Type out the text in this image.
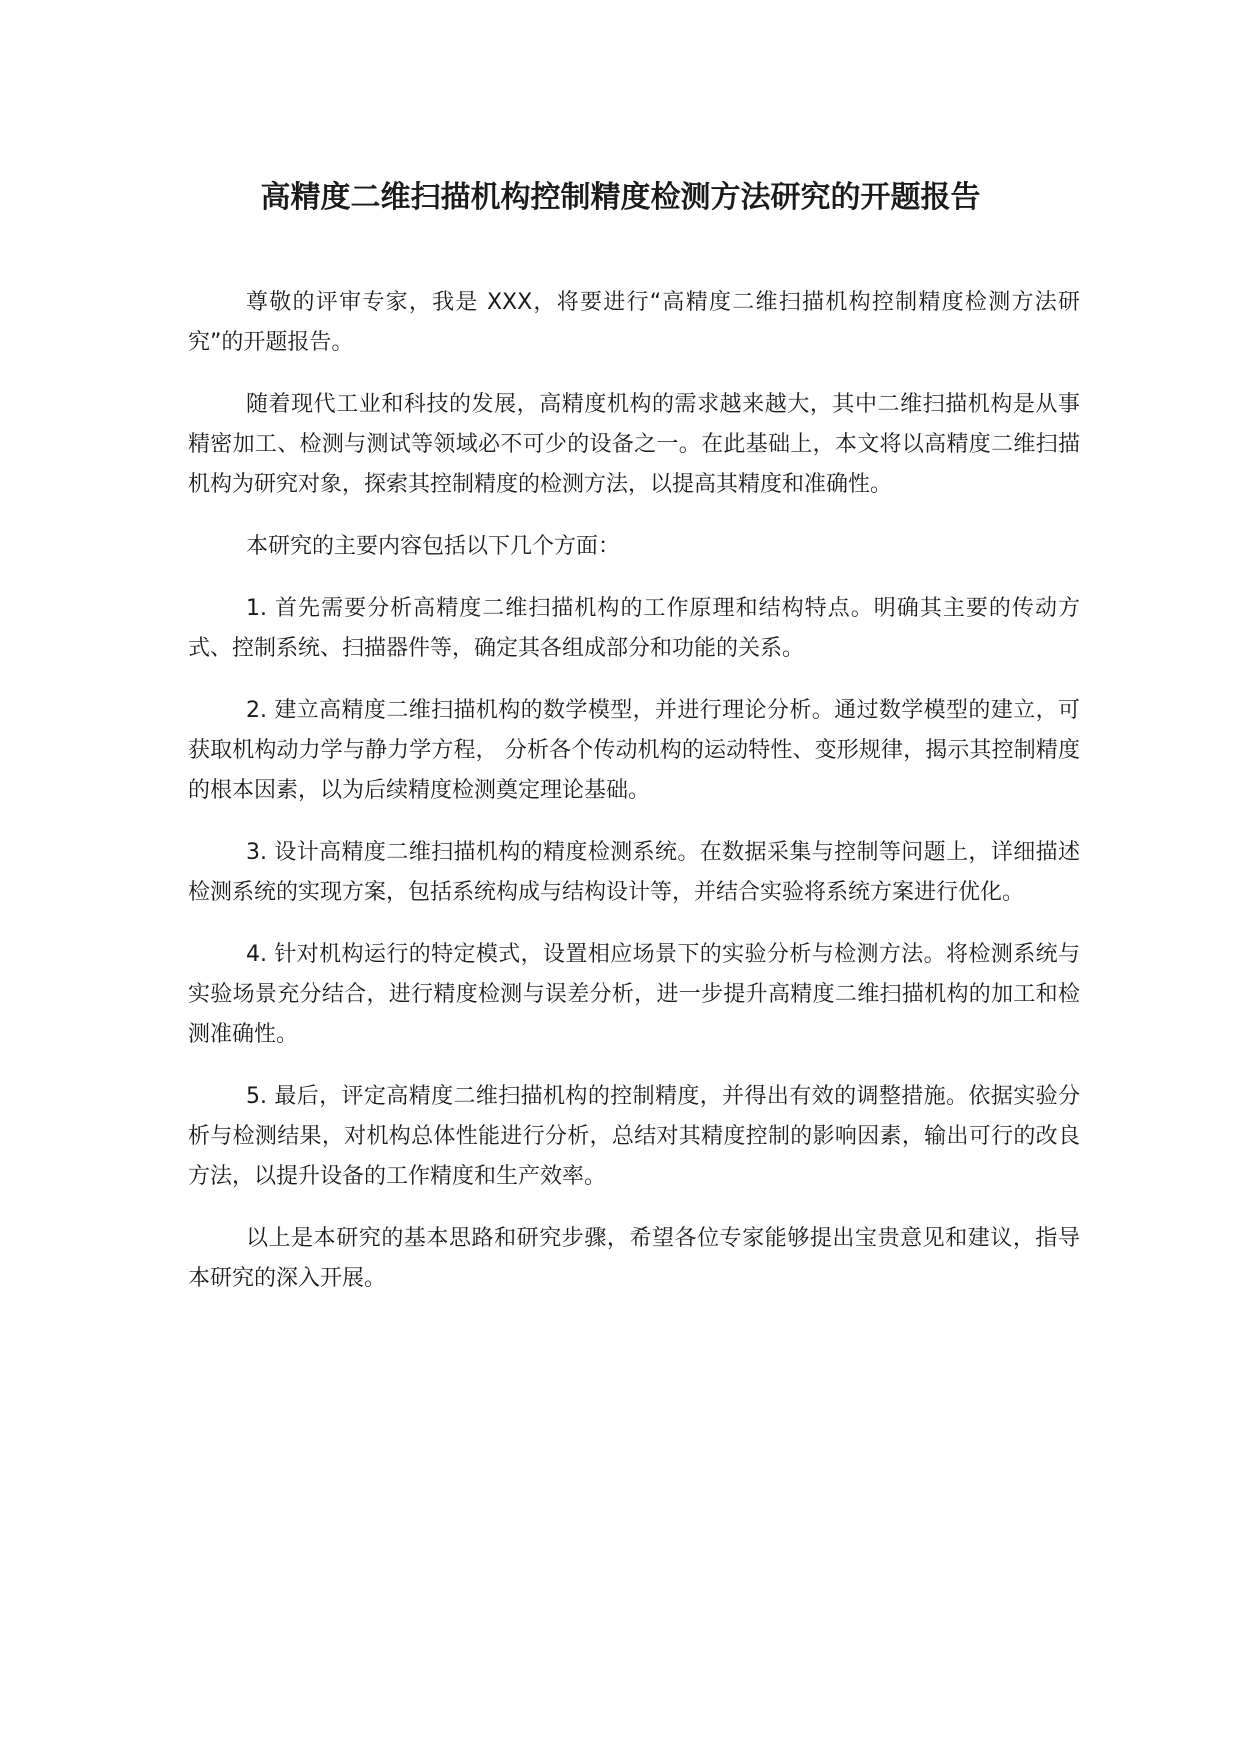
高精度二维扫描机构控制精度检测方法研究的开题报告

尊敬的评审专家，我是 XXX，将要进行“高精度二维扫描机构控制精度检测方法研究”的开题报告。

随着现代工业和科技的发展，高精度机构的需求越来越大，其中二维扫描机构是从事精密加工、检测与测试等领域必不可少的设备之一。在此基础上，本文将以高精度二维扫描机构为研究对象，探索其控制精度的检测方法，以提高其精度和准确性。

本研究的主要内容包括以下几个方面：

1. 首先需要分析高精度二维扫描机构的工作原理和结构特点。明确其主要的传动方式、控制系统、扫描器件等，确定其各组成部分和功能的关系。

2. 建立高精度二维扫描机构的数学模型，并进行理论分析。通过数学模型的建立，可获取机构动力学与静力学方程， 分析各个传动机构的运动特性、变形规律，揭示其控制精度的根本因素，以为后续精度检测奠定理论基础。

3. 设计高精度二维扫描机构的精度检测系统。在数据采集与控制等问题上，详细描述检测系统的实现方案，包括系统构成与结构设计等，并结合实验将系统方案进行优化。

4. 针对机构运行的特定模式，设置相应场景下的实验分析与检测方法。将检测系统与实验场景充分结合，进行精度检测与误差分析，进一步提升高精度二维扫描机构的加工和检测准确性。

5. 最后，评定高精度二维扫描机构的控制精度，并得出有效的调整措施。依据实验分析与检测结果，对机构总体性能进行分析，总结对其精度控制的影响因素，输出可行的改良方法，以提升设备的工作精度和生产效率。

以上是本研究的基本思路和研究步骤，希望各位专家能够提出宝贵意见和建议，指导本研究的深入开展。
